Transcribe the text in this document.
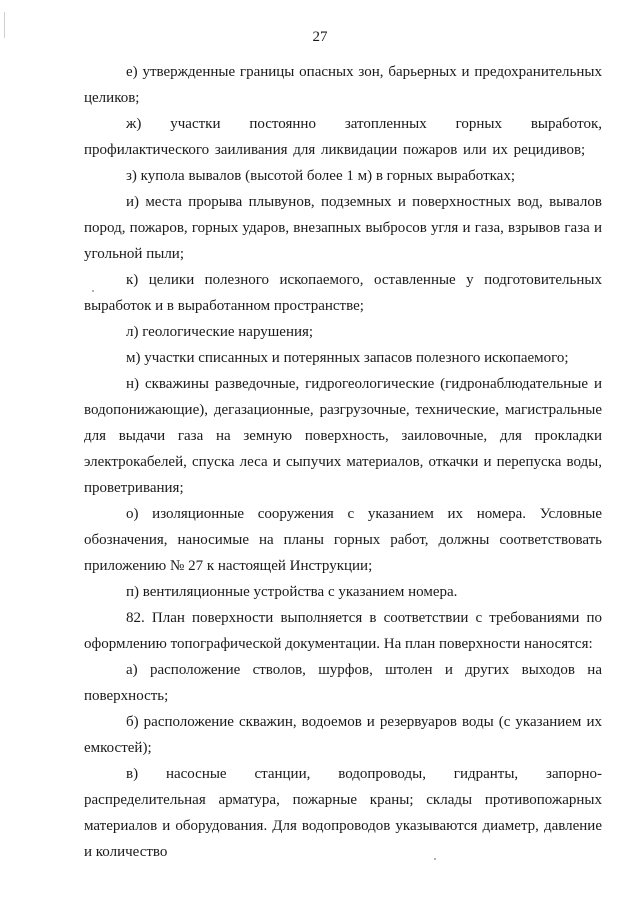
27

е) утвержденные границы опасных зон, барьерных и предохранительных целиков;

ж) участки постоянно затопленных горных выработок, профилактического заиливания для ликвидации пожаров или их рецидивов;

з) купола вывалов (высотой более 1 м) в горных выработках;

и) места прорыва плывунов, подземных и поверхностных вод, вывалов пород, пожаров, горных ударов, внезапных выбросов угля и газа, взрывов газа и угольной пыли;

к) целики полезного ископаемого, оставленные у подготовительных выработок и в выработанном пространстве;

л) геологические нарушения;

м) участки списанных и потерянных запасов полезного ископаемого;

н) скважины разведочные, гидрогеологические (гидронаблюдательные и водопонижающие), дегазационные, разгрузочные, технические, магистральные для выдачи газа на земную поверхность, заиловочные, для прокладки электрокабелей, спуска леса и сыпучих материалов, откачки и перепуска воды, проветривания;

о) изоляционные сооружения с указанием их номера. Условные обозначения, наносимые на планы горных работ, должны соответствовать приложению № 27 к настоящей Инструкции;

п) вентиляционные устройства с указанием номера.

82. План поверхности выполняется в соответствии с требованиями по оформлению топографической документации. На план поверхности наносятся:

а) расположение стволов, шурфов, штолен и других выходов на поверхность;

б) расположение скважин, водоемов и резервуаров воды (с указанием их емкостей);

в) насосные станции, водопроводы, гидранты, запорно-распределительная арматура, пожарные краны; склады противопожарных материалов и оборудования. Для водопроводов указываются диаметр, давление и количество
